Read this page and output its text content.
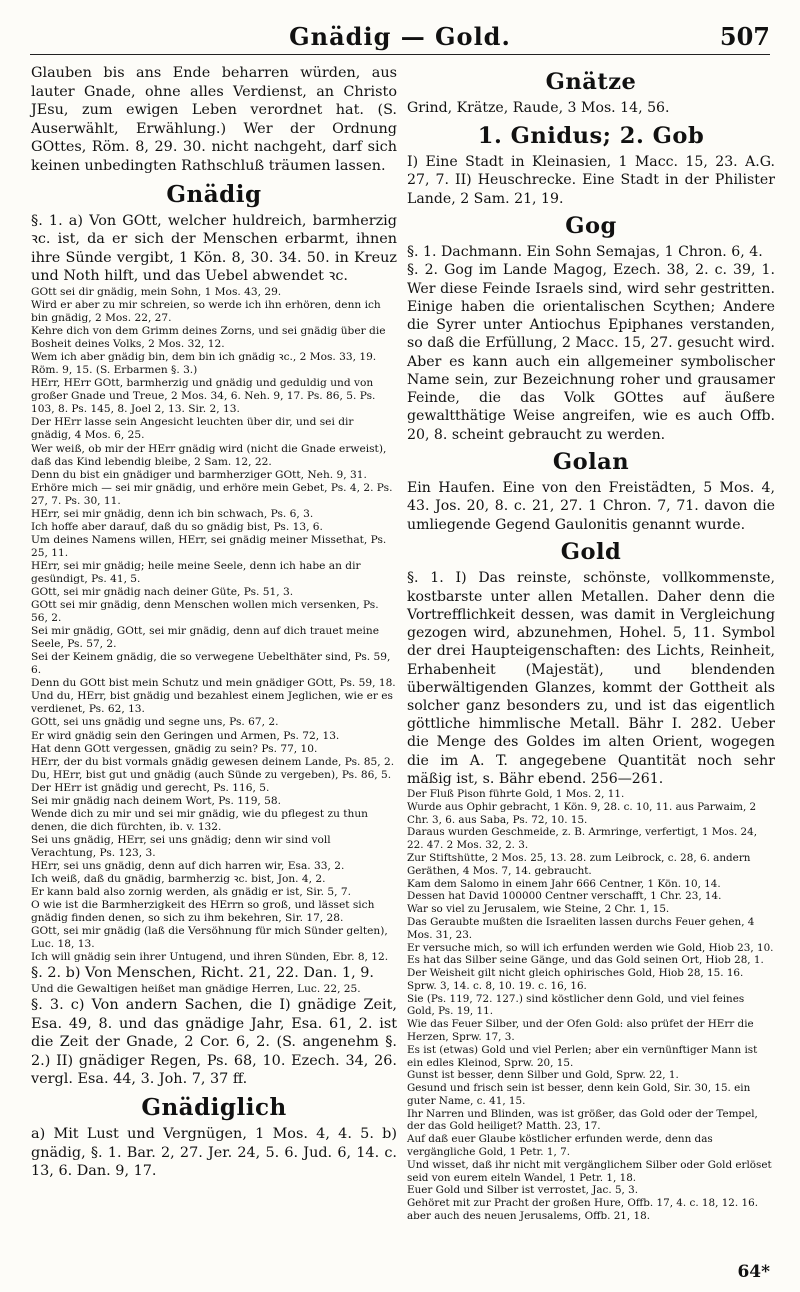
Gnädig — Gold.	507

Glauben bis ans Ende beharren würden, aus lauter Gnade, ohne alles Verdienst, an Christo JEsu, zum ewigen Leben verordnet hat. (S. Auserwählt, Erwählung.) Wer der Ordnung GOttes, Röm. 8, 29. 30. nicht nachgeht, darf sich keinen unbedingten Rathschluß träumen lassen.

Gnädig

§. 1. a) Von GOtt, welcher huldreich, barmherzig ꝛc. ist, da er sich der Menschen erbarmt, ihnen ihre Sünde vergibt, 1 Kön. 8, 30. 34. 50. in Kreuz und Noth hilft, und das Uebel abwendet ꝛc.

GOtt sei dir gnädig, mein Sohn, 1 Mos. 43, 29.

Wird er aber zu mir schreien, so werde ich ihn erhören, denn ich bin gnädig, 2 Mos. 22, 27.

Kehre dich von dem Grimm deines Zorns, und sei gnädig über die Bosheit deines Volks, 2 Mos. 32, 12.

Wem ich aber gnädig bin, dem bin ich gnädig ꝛc., 2 Mos. 33, 19. Röm. 9, 15. (S. Erbarmen §. 3.)

HErr, HErr GOtt, barmherzig und gnädig und geduldig und von großer Gnade und Treue, 2 Mos. 34, 6. Neh. 9, 17. Ps. 86, 5. Ps. 103, 8. Ps. 145, 8. Joel 2, 13. Sir. 2, 13.

Der HErr lasse sein Angesicht leuchten über dir, und sei dir gnädig, 4 Mos. 6, 25.

Wer weiß, ob mir der HErr gnädig wird (nicht die Gnade erweist), daß das Kind lebendig bleibe, 2 Sam. 12, 22.

Denn du bist ein gnädiger und barmherziger GOtt, Neh. 9, 31.

Erhöre mich — sei mir gnädig, und erhöre mein Gebet, Ps. 4, 2. Ps. 27, 7. Ps. 30, 11.

HErr, sei mir gnädig, denn ich bin schwach, Ps. 6, 3.

Ich hoffe aber darauf, daß du so gnädig bist, Ps. 13, 6.

Um deines Namens willen, HErr, sei gnädig meiner Missethat, Ps. 25, 11.

HErr, sei mir gnädig; heile meine Seele, denn ich habe an dir gesündigt, Ps. 41, 5.

GOtt, sei mir gnädig nach deiner Güte, Ps. 51, 3.

GOtt sei mir gnädig, denn Menschen wollen mich versenken, Ps. 56, 2.

Sei mir gnädig, GOtt, sei mir gnädig, denn auf dich trauet meine Seele, Ps. 57, 2.

Sei der Keinem gnädig, die so verwegene Uebelthäter sind, Ps. 59, 6.

Denn du GOtt bist mein Schutz und mein gnädiger GOtt, Ps. 59, 18.

Und du, HErr, bist gnädig und bezahlest einem Jeglichen, wie er es verdienet, Ps. 62, 13.

GOtt, sei uns gnädig und segne uns, Ps. 67, 2.

Er wird gnädig sein den Geringen und Armen, Ps. 72, 13.

Hat denn GOtt vergessen, gnädig zu sein? Ps. 77, 10.

HErr, der du bist vormals gnädig gewesen deinem Lande, Ps. 85, 2.

Du, HErr, bist gut und gnädig (auch Sünde zu vergeben), Ps. 86, 5.

Der HErr ist gnädig und gerecht, Ps. 116, 5.

Sei mir gnädig nach deinem Wort, Ps. 119, 58.

Wende dich zu mir und sei mir gnädig, wie du pflegest zu thun denen, die dich fürchten, ib. v. 132.

Sei uns gnädig, HErr, sei uns gnädig; denn wir sind voll Verachtung, Ps. 123, 3.

HErr, sei uns gnädig, denn auf dich harren wir, Esa. 33, 2.

Ich weiß, daß du gnädig, barmherzig ꝛc. bist, Jon. 4, 2.

Er kann bald also zornig werden, als gnädig er ist, Sir. 5, 7.

O wie ist die Barmherzigkeit des HErrn so groß, und lässet sich gnädig finden denen, so sich zu ihm bekehren, Sir. 17, 28.

GOtt, sei mir gnädig (laß die Versöhnung für mich Sünder gelten), Luc. 18, 13.

Ich will gnädig sein ihrer Untugend, und ihren Sünden, Ebr. 8, 12.

§. 2. b) Von Menschen, Richt. 21, 22. Dan. 1, 9.

Und die Gewaltigen heißet man gnädige Herren, Luc. 22, 25.

§. 3. c) Von andern Sachen, die I) gnädige Zeit, Esa. 49, 8. und das gnädige Jahr, Esa. 61, 2. ist die Zeit der Gnade, 2 Cor. 6, 2. (S. angenehm §. 2.) II) gnädiger Regen, Ps. 68, 10. Ezech. 34, 26. vergl. Esa. 44, 3. Joh. 7, 37 ff.

Gnädiglich

a) Mit Lust und Vergnügen, 1 Mos. 4, 4. 5. b) gnädig, §. 1. Bar. 2, 27. Jer. 24, 5. 6. Jud. 6, 14. c. 13, 6. Dan. 9, 17.

Gnätze

Grind, Krätze, Raude, 3 Mos. 14, 56.

1. Gnidus; 2. Gob

I) Eine Stadt in Kleinasien, 1 Macc. 15, 23. A.G. 27, 7. II) Heuschrecke. Eine Stadt in der Philister Lande, 2 Sam. 21, 19.

Gog

§. 1. Dachmann. Ein Sohn Semajas, 1 Chron. 6, 4.

§. 2. Gog im Lande Magog, Ezech. 38, 2. c. 39, 1. Wer diese Feinde Israels sind, wird sehr gestritten. Einige haben die orientalischen Scythen; Andere die Syrer unter Antiochus Epiphanes verstanden, so daß die Erfüllung, 2 Macc. 15, 27. gesucht wird. Aber es kann auch ein allgemeiner symbolischer Name sein, zur Bezeichnung roher und grausamer Feinde, die das Volk GOttes auf äußere gewaltthätige Weise angreifen, wie es auch Offb. 20, 8. scheint gebraucht zu werden.

Golan

Ein Haufen. Eine von den Freistädten, 5 Mos. 4, 43. Jos. 20, 8. c. 21, 27. 1 Chron. 7, 71. davon die umliegende Gegend Gaulonitis genannt wurde.

Gold

§. 1. I) Das reinste, schönste, vollkommenste, kostbarste unter allen Metallen. Daher denn die Vortrefflichkeit dessen, was damit in Vergleichung gezogen wird, abzunehmen, Hohel. 5, 11. Symbol der drei Haupteigenschaften: des Lichts, Reinheit, Erhabenheit (Majestät), und blendenden überwältigenden Glanzes, kommt der Gottheit als solcher ganz besonders zu, und ist das eigentlich göttliche himmlische Metall. Bähr I. 282. Ueber die Menge des Goldes im alten Orient, wogegen die im A. T. angegebene Quantität noch sehr mäßig ist, s. Bähr ebend. 256—261.

Der Fluß Pison führte Gold, 1 Mos. 2, 11.

Wurde aus Ophir gebracht, 1 Kön. 9, 28. c. 10, 11. aus Parwaim, 2 Chr. 3, 6. aus Saba, Ps. 72, 10. 15.

Daraus wurden Geschmeide, z. B. Armringe, verfertigt, 1 Mos. 24, 22. 47. 2 Mos. 32, 2. 3.

Zur Stiftshütte, 2 Mos. 25, 13. 28. zum Leibrock, c. 28, 6. andern Geräthen, 4 Mos. 7, 14. gebraucht.

Kam dem Salomo in einem Jahr 666 Centner, 1 Kön. 10, 14.

Dessen hat David 100000 Centner verschafft, 1 Chr. 23, 14.

War so viel zu Jerusalem, wie Steine, 2 Chr. 1, 15.

Das Geraubte mußten die Israeliten lassen durchs Feuer gehen, 4 Mos. 31, 23.

Er versuche mich, so will ich erfunden werden wie Gold, Hiob 23, 10.

Es hat das Silber seine Gänge, und das Gold seinen Ort, Hiob 28, 1.

Der Weisheit gilt nicht gleich ophirisches Gold, Hiob 28, 15. 16. Sprw. 3, 14. c. 8, 10. 19. c. 16, 16.

Sie (Ps. 119, 72. 127.) sind köstlicher denn Gold, und viel feines Gold, Ps. 19, 11.

Wie das Feuer Silber, und der Ofen Gold: also prüfet der HErr die Herzen, Sprw. 17, 3.

Es ist (etwas) Gold und viel Perlen; aber ein vernünftiger Mann ist ein edles Kleinod, Sprw. 20, 15.

Gunst ist besser, denn Silber und Gold, Sprw. 22, 1.

Gesund und frisch sein ist besser, denn kein Gold, Sir. 30, 15. ein guter Name, c. 41, 15.

Ihr Narren und Blinden, was ist größer, das Gold oder der Tempel, der das Gold heiliget? Matth. 23, 17.

Auf daß euer Glaube köstlicher erfunden werde, denn das vergängliche Gold, 1 Petr. 1, 7.

Und wisset, daß ihr nicht mit vergänglichem Silber oder Gold erlöset seid von eurem eiteln Wandel, 1 Petr. 1, 18.

Euer Gold und Silber ist verrostet, Jac. 5, 3.

Gehöret mit zur Pracht der großen Hure, Offb. 17, 4. c. 18, 12. 16. aber auch des neuen Jerusalems, Offb. 21, 18.

64*
